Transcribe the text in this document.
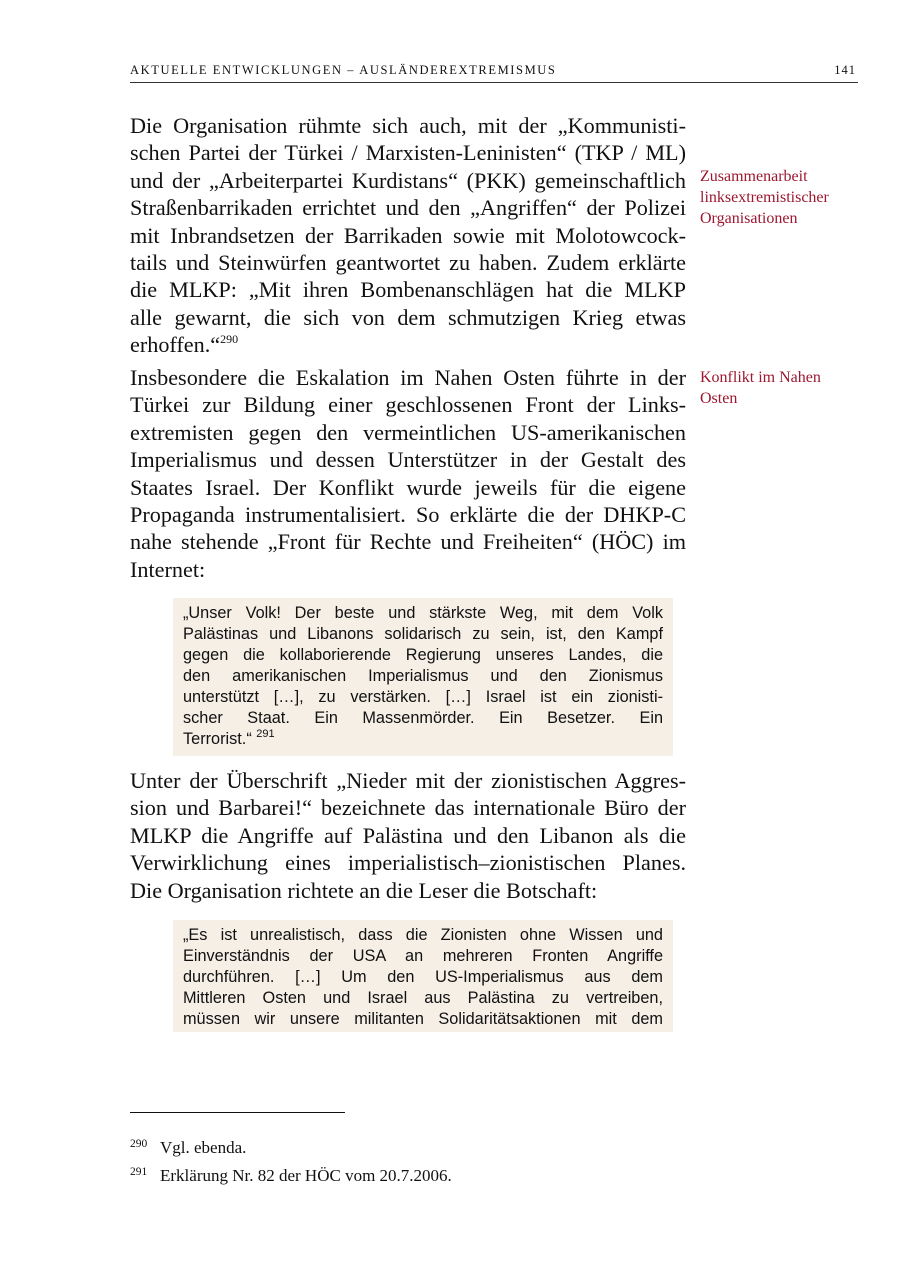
AKTUELLE ENTWICKLUNGEN – AUSLÄNDEREXTREMISMUS	141

Die Organisation rühmte sich auch, mit der „Kommunisti-
schen Partei der Türkei / Marxisten-Leninisten“ (TKP / ML)
und der „Arbeiterpartei Kurdistans“ (PKK) gemeinschaftlich
Straßenbarrikaden errichtet und den „Angriffen“ der Polizei
mit Inbrandsetzen der Barrikaden sowie mit Molotowcock-
tails und Steinwürfen geantwortet zu haben. Zudem erklärte
die MLKP: „Mit ihren Bombenanschlägen hat die MLKP
alle gewarnt, die sich von dem schmutzigen Krieg etwas
erhoffen.“$^{290}$

Zusammenarbeit
linksextremistischer
Organisationen

Insbesondere die Eskalation im Nahen Osten führte in der
Türkei zur Bildung einer geschlossenen Front der Links-
extremisten gegen den vermeintlichen US-amerikanischen
Imperialismus und dessen Unterstützer in der Gestalt des
Staates Israel. Der Konflikt wurde jeweils für die eigene
Propaganda instrumentalisiert. So erklärte die der DHKP-C
nahe stehende „Front für Rechte und Freiheiten“ (HÖC) im
Internet:

Konflikt im Nahen
Osten

„Unser Volk! Der beste und stärkste Weg, mit dem Volk
Palästinas und Libanons solidarisch zu sein, ist, den Kampf
gegen die kollaborierende Regierung unseres Landes, die
den amerikanischen Imperialismus und den Zionismus
unterstützt […], zu verstärken. […] Israel ist ein zionisti-
scher Staat. Ein Massenmörder. Ein Besetzer. Ein
Terrorist.“ $^{291}$

Unter der Überschrift „Nieder mit der zionistischen Aggres-
sion und Barbarei!“ bezeichnete das internationale Büro der
MLKP die Angriffe auf Palästina und den Libanon als die
Verwirklichung eines imperialistisch–zionistischen Planes.
Die Organisation richtete an die Leser die Botschaft:

„Es ist unrealistisch, dass die Zionisten ohne Wissen und
Einverständnis der USA an mehreren Fronten Angriffe
durchführen. […] Um den US-Imperialismus aus dem
Mittleren Osten und Israel aus Palästina zu vertreiben,
müssen wir unsere militanten Solidaritätsaktionen mit dem
290 Vgl. ebenda.
291 Erklärung Nr. 82 der HÖC vom 20.7.2006.
